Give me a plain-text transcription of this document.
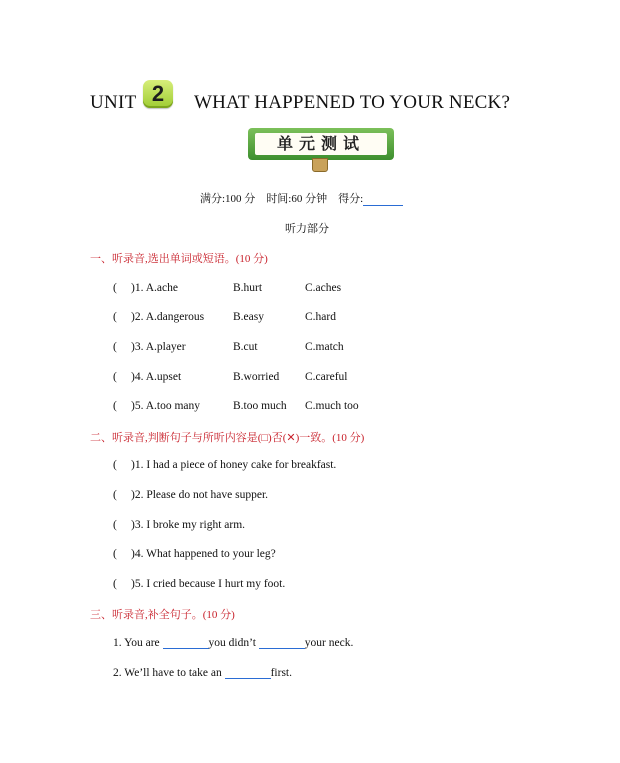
UNIT 2	WHAT HAPPENED TO YOUR NECK?
单元测试
满分:100 分 时间:60 分钟 得分:
听力部分
一、听录音,选出单词或短语。(10 分)
( )1. A.ache	B.hurt	C.aches
( )2. A.dangerous	B.easy	C.hard
( )3. A.player	B.cut	C.match
( )4. A.upset	B.worried C.careful
( )5. A.too many	B.too much C.much too
二、听录音,判断句子与所听内容是(□)否(✕)一致。(10 分)
( )1. I had a piece of honey cake for breakfast.
( )2. Please do not have supper.
( )3. I broke my right arm.
( )4. What happened to your leg?
( )5. I cried because I hurt my foot.
三、听录音,补全句子。(10 分)
1. You are	you didn’t	your neck.
2. We’ll have to take an	first.
